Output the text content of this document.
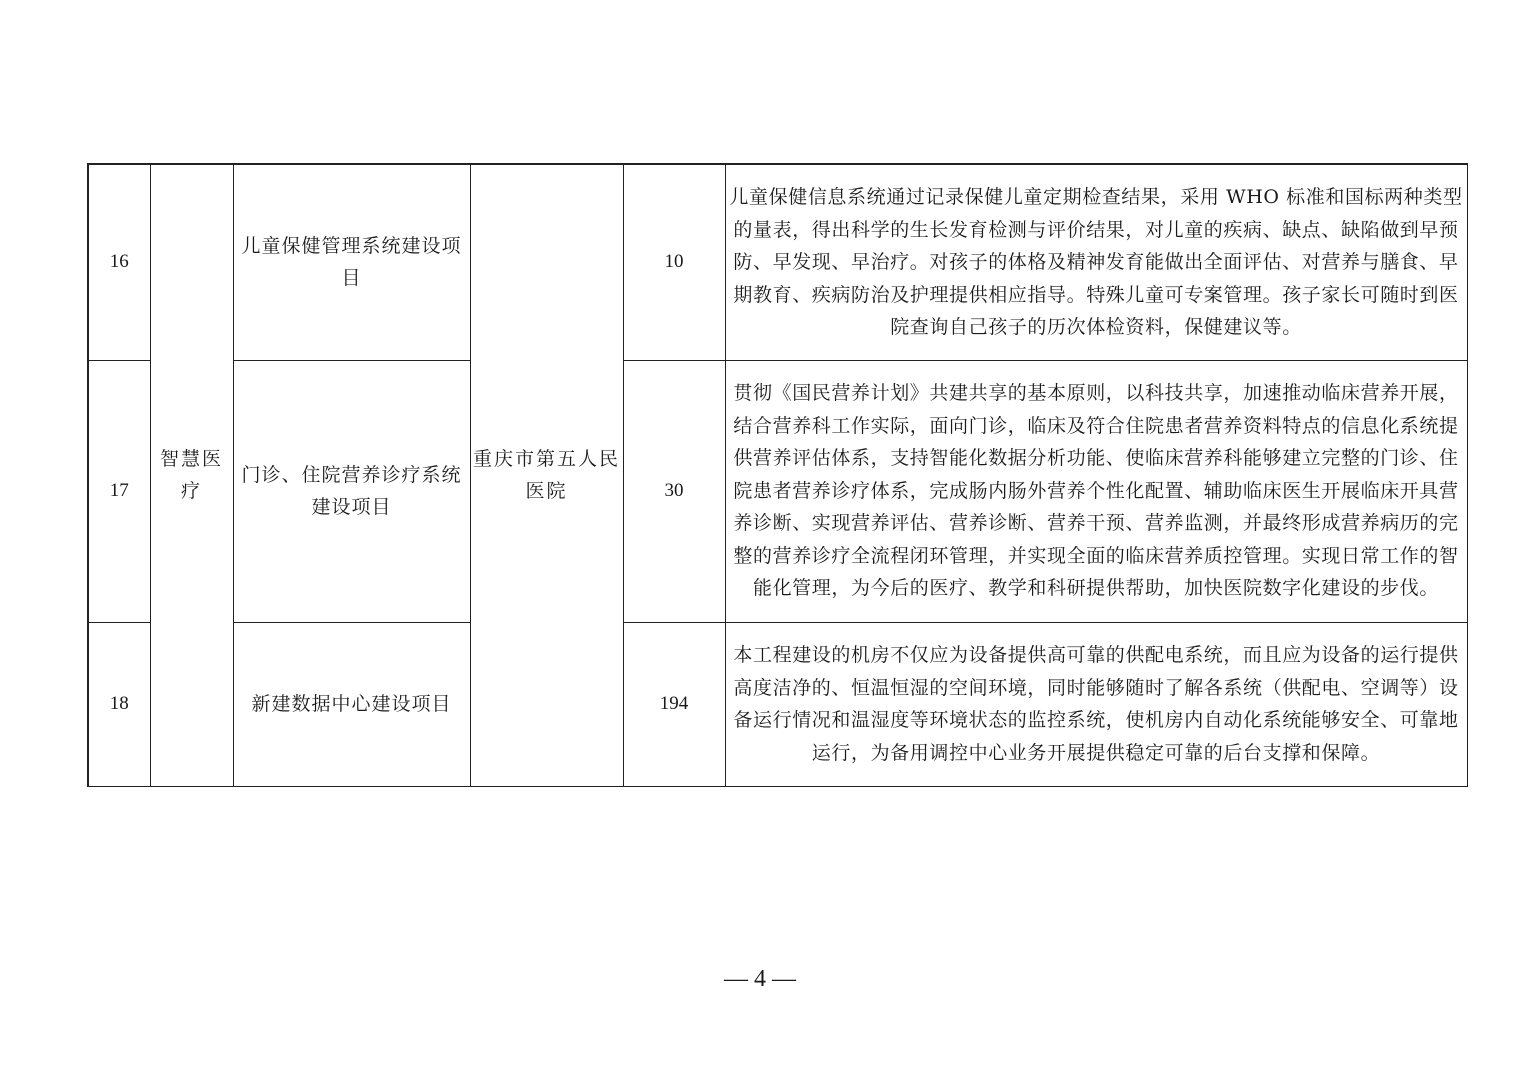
16	智慧医疗	儿童保健管理系统建设项目	重庆市第五人民医院	10	儿童保健信息系统通过记录保健儿童定期检查结果，采用 WHO 标准和国标两种类型的量表，得出科学的生长发育检测与评价结果，对儿童的疾病、缺点、缺陷做到早预防、早发现、早治疗。对孩子的体格及精神发育能做出全面评估、对营养与膳食、早期教育、疾病防治及护理提供相应指导。特殊儿童可专案管理。孩子家长可随时到医院查询自己孩子的历次体检资料，保健建议等。
17		门诊、住院营养诊疗系统建设项目		30	贯彻《国民营养计划》共建共享的基本原则，以科技共享，加速推动临床营养开展，结合营养科工作实际，面向门诊，临床及符合住院患者营养资料特点的信息化系统提供营养评估体系，支持智能化数据分析功能、使临床营养科能够建立完整的门诊、住院患者营养诊疗体系，完成肠内肠外营养个性化配置、辅助临床医生开展临床开具营养诊断、实现营养评估、营养诊断、营养干预、营养监测，并最终形成营养病历的完整的营养诊疗全流程闭环管理，并实现全面的临床营养质控管理。实现日常工作的智能化管理，为今后的医疗、教学和科研提供帮助，加快医院数字化建设的步伐。
18		新建数据中心建设项目		194	本工程建设的机房不仅应为设备提供高可靠的供配电系统，而且应为设备的运行提供高度洁净的、恒温恒湿的空间环境，同时能够随时了解各系统（供配电、空调等）设备运行情况和温湿度等环境状态的监控系统，使机房内自动化系统能够安全、可靠地运行，为备用调控中心业务开展提供稳定可靠的后台支撑和保障。
— 4 —
